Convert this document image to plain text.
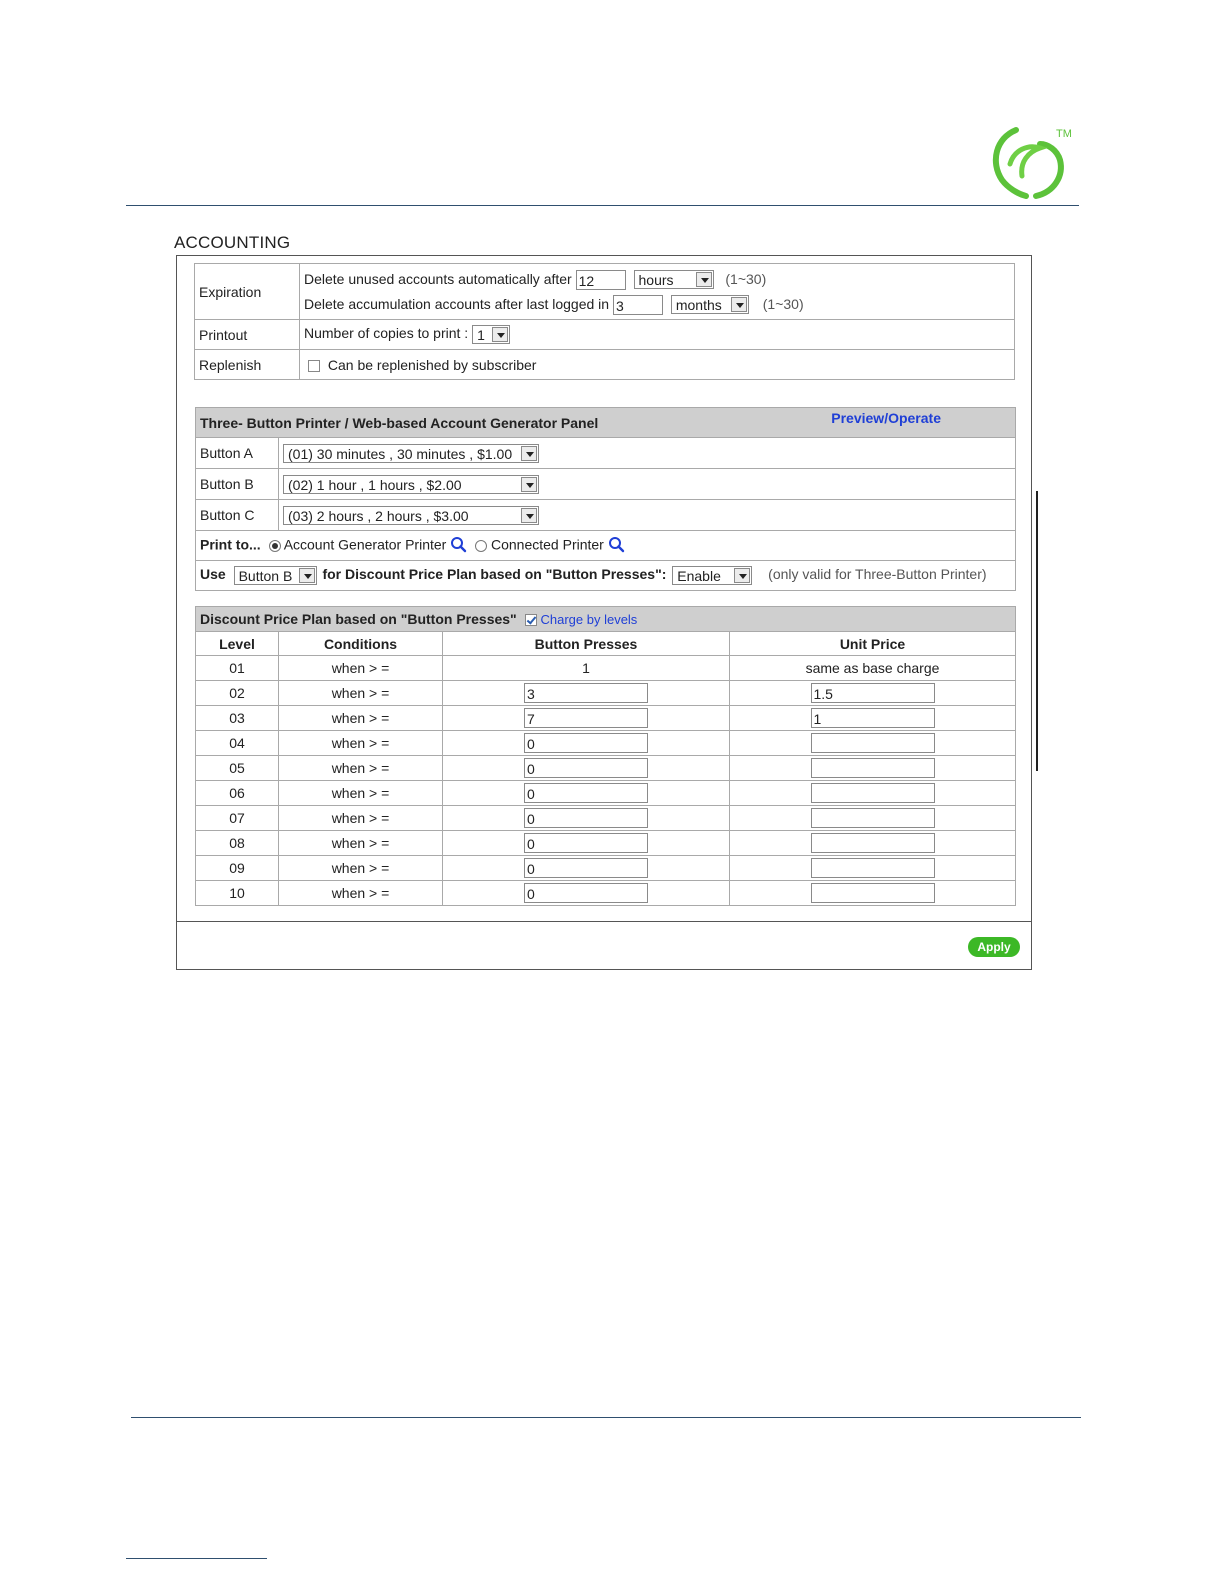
TM
ACCOUNTING
Expiration	Delete unused accounts automatically after 12 hours (1~30)
Delete accumulation accounts after last logged in 3 months (1~30)

Printout	Number of copies to print : 1

Replenish	Can be replenished by subscriber
Three- Button Printer / Web-based Account Generator Panel Preview/Operate	

Button A	(01) 30 minutes , 30 minutes , $1.00

Button B	(02) 1 hour , 1 hours , $2.00

Button C	(03) 2 hours , 2 hours , $3.00

Print to... Account Generator Printer Connected Printer	
Use Button B for Discount Price Plan based on "Button Presses": Enable (only valid for Three-Button Printer)	
Discount Price Plan based on "Button Presses" Charge by levels			
Level	Conditions	Button Presses	Unit Price
01	when > =	1	same as base charge
02	when > =	3	1.5
03	when > =	7	1
04	when > =	0	
05	when > =	0	
06	when > =	0	
07	when > =	0	
08	when > =	0	
09	when > =	0	
10	when > =	0	
Apply
